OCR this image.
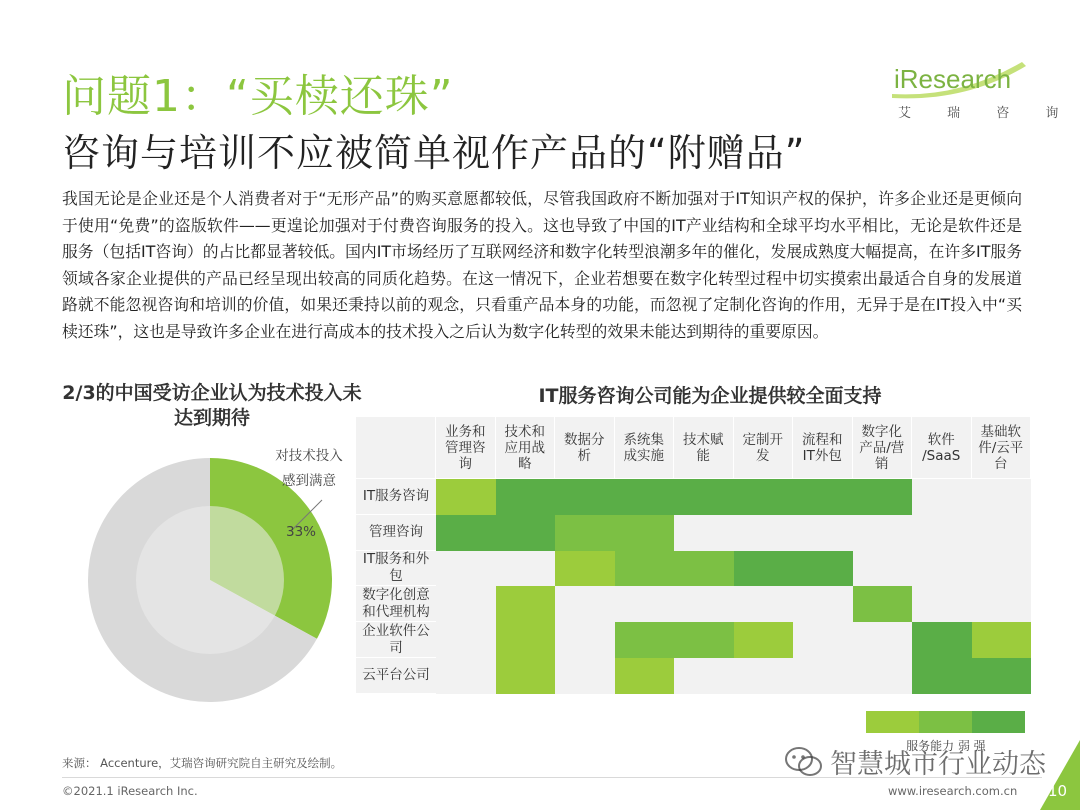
问题1：“买椟还珠”
咨询与培训不应被简单视作产品的“附赠品”
iResearch
艾 瑞 咨 询

我国无论是企业还是个人消费者对于“无形产品”的购买意愿都较低，尽管我国政府不断加强对于IT知识产权的保护，许多企业还是更倾向于使用“免费”的盗版软件——更遑论加强对于付费咨询服务的投入。这也导致了中国的IT产业结构和全球平均水平相比，无论是软件还是服务（包括IT咨询）的占比都显著较低。国内IT市场经历了互联网经济和数字化转型浪潮多年的催化，发展成熟度大幅提高，在许多IT服务领域各家企业提供的产品已经呈现出较高的同质化趋势。在这一情况下，企业若想要在数字化转型过程中切实摸索出最适合自身的发展道路就不能忽视咨询和培训的价值，如果还秉持以前的观念，只看重产品本身的功能，而忽视了定制化咨询的作用，无异于是在IT投入中“买椟还珠”，这也是导致许多企业在进行高成本的技术投入之后认为数字化转型的效果未能达到期待的重要原因。

2/3的中国受访企业认为技术投入未达到期待
IT服务咨询公司能为企业提供较全面支持
对技术投入感到满意
33%
业务和
管理咨
询
技术和
应用战
略
数据分
析
系统集
成实施
技术赋
能
定制开
发
流程和
IT外包
数字化
产品/营
销
软件
/SaaS
基础软
件/云平
台
IT服务咨询
管理咨询
IT服务和外
包
数字化创意
和代理机构
企业软件公
司
云平台公司
服务能力 弱 强
来源： Accenture，艾瑞咨询研究院自主研究及绘制。
©2021.1 iResearch Inc.	www.iresearch.com.cn 10
智慧城市行业动态
